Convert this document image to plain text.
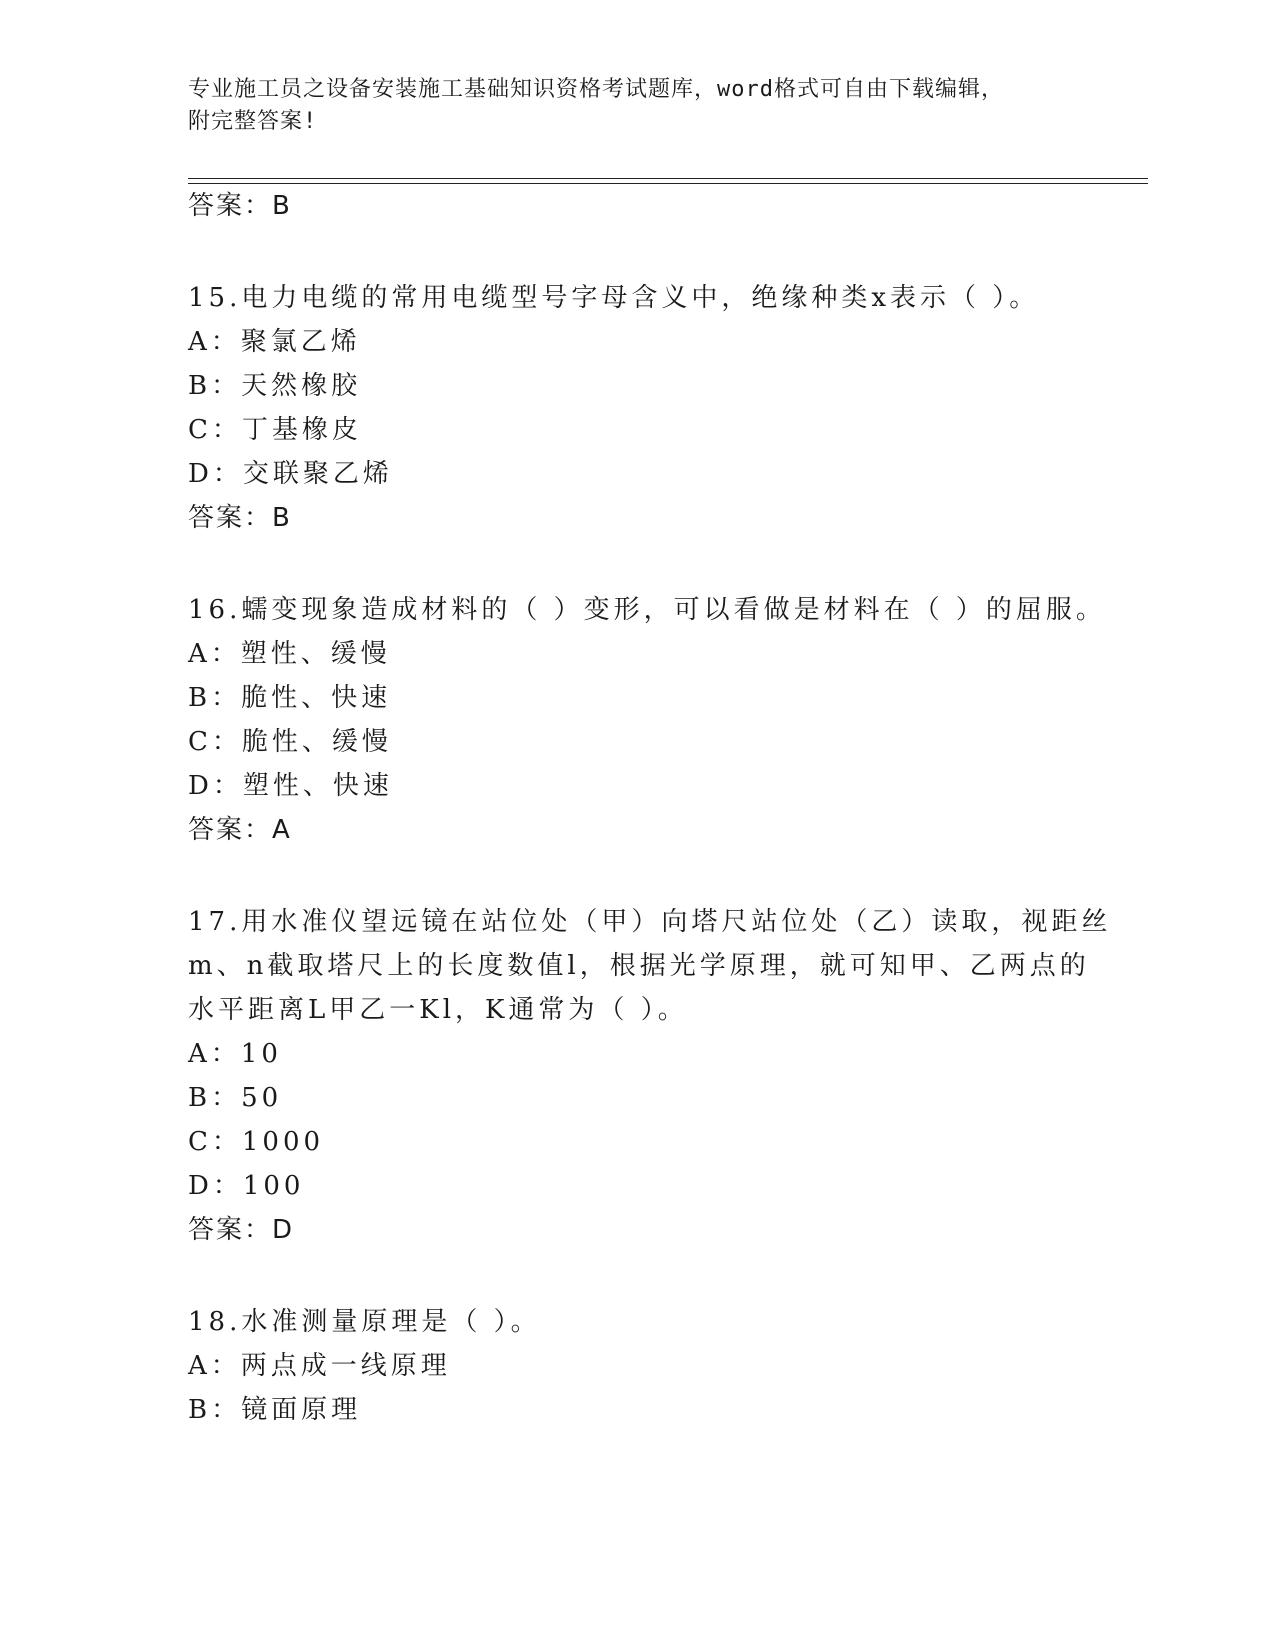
专业施工员之设备安装施工基础知识资格考试题库，word格式可自由下载编辑，
附完整答案!
答案：B
15.电力电缆的常用电缆型号字母含义中，绝缘种类x表示（ ）。
A：聚氯乙烯
B：天然橡胶
C：丁基橡皮
D：交联聚乙烯
答案：B
16.蠕变现象造成材料的（ ）变形，可以看做是材料在（ ）的屈服。
A：塑性、缓慢
B：脆性、快速
C：脆性、缓慢
D：塑性、快速
答案：A
17.用水准仪望远镜在站位处（甲）向塔尺站位处（乙）读取，视距丝
m、n截取塔尺上的长度数值l，根据光学原理，就可知甲、乙两点的
水平距离L甲乙一Kl，K通常为（ ）。
A：10
B：50
C：1000
D：100
答案：D
18.水准测量原理是（ ）。
A：两点成一线原理
B：镜面原理
